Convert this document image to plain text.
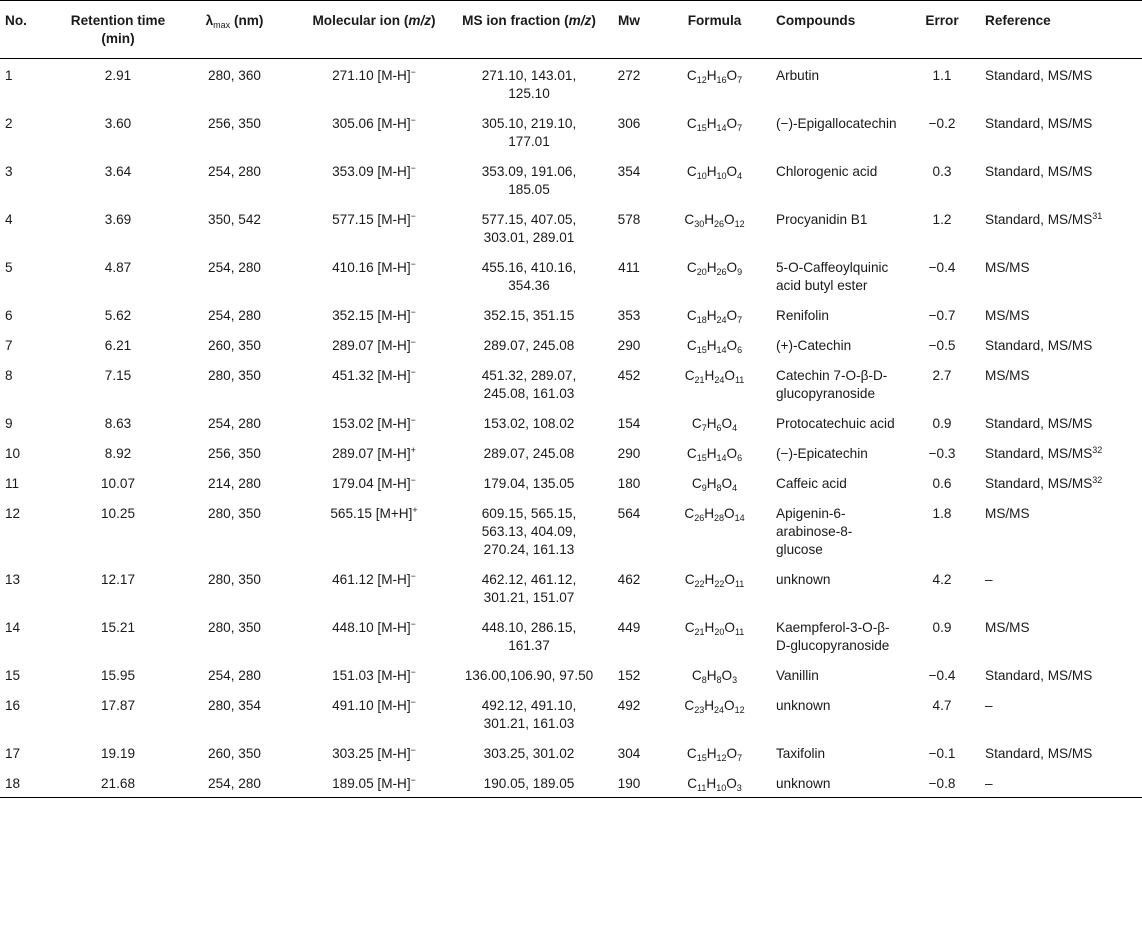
No.	Retention time (min)	$\lambda_{max}$ (nm)	Molecular ion (m/z)	MS ion fraction (m/z)	Mw	Formula	Compounds	Error	Reference
1	2.91	280, 360	271.10 [M-H]−	271.10, 143.01, 125.10	272	$C_{12}H_{16}O_7$	Arbutin	1.1	Standard, MS/MS
2	3.60	256, 350	305.06 [M-H]−	305.10, 219.10, 177.01	306	$C_{15}H_{14}O_7$	(−)-Epigallocatechin	−0.2	Standard, MS/MS
3	3.64	254, 280	353.09 [M-H]−	353.09, 191.06, 185.05	354	$C_{10}H_{10}O_4$	Chlorogenic acid	0.3	Standard, MS/MS
4	3.69	350, 542	577.15 [M-H]−	577.15, 407.05, 303.01, 289.01	578	$C_{30}H_{26}O_{12}$	Procyanidin B1	1.2	Standard, MS/MS$^{31}$
5	4.87	254, 280	410.16 [M-H]−	455.16, 410.16, 354.36	411	$C_{20}H_{26}O_9$	5-O-Caffeoylquinic acid butyl ester	−0.4	MS/MS
6	5.62	254, 280	352.15 [M-H]−	352.15, 351.15	353	$C_{18}H_{24}O_7$	Renifolin	−0.7	MS/MS
7	6.21	260, 350	289.07 [M-H]−	289.07, 245.08	290	$C_{15}H_{14}O_6$	(+)-Catechin	−0.5	Standard, MS/MS
8	7.15	280, 350	451.32 [M-H]−	451.32, 289.07, 245.08, 161.03	452	$C_{21}H_{24}O_{11}$	Catechin 7-O-β-D-glucopyranoside	2.7	MS/MS
9	8.63	254, 280	153.02 [M-H]−	153.02, 108.02	154	$C_7H_6O_4$	Protocatechuic acid	0.9	Standard, MS/MS
10	8.92	256, 350	289.07 [M-H]+	289.07, 245.08	290	$C_{15}H_{14}O_6$	(−)-Epicatechin	−0.3	Standard, MS/MS$^{32}$
11	10.07	214, 280	179.04 [M-H]−	179.04, 135.05	180	$C_9H_8O_4$	Caffeic acid	0.6	Standard, MS/MS$^{32}$
12	10.25	280, 350	565.15 [M+H]+	609.15, 565.15, 563.13, 404.09, 270.24, 161.13	564	$C_{26}H_{28}O_{14}$	Apigenin-6-arabinose-8-glucose	1.8	MS/MS
13	12.17	280, 350	461.12 [M-H]−	462.12, 461.12, 301.21, 151.07	462	$C_{22}H_{22}O_{11}$	unknown	4.2	–
14	15.21	280, 350	448.10 [M-H]−	448.10, 286.15, 161.37	449	$C_{21}H_{20}O_{11}$	Kaempferol-3-O-β-D-glucopyranoside	0.9	MS/MS
15	15.95	254, 280	151.03 [M-H]−	136.00,106.90, 97.50	152	$C_8H_8O_3$	Vanillin	−0.4	Standard, MS/MS
16	17.87	280, 354	491.10 [M-H]−	492.12, 491.10, 301.21, 161.03	492	$C_{23}H_{24}O_{12}$	unknown	4.7	–
17	19.19	260, 350	303.25 [M-H]−	303.25, 301.02	304	$C_{15}H_{12}O_7$	Taxifolin	−0.1	Standard, MS/MS
18	21.68	254, 280	189.05 [M-H]−	190.05, 189.05	190	$C_{11}H_{10}O_3$	unknown	−0.8	–
